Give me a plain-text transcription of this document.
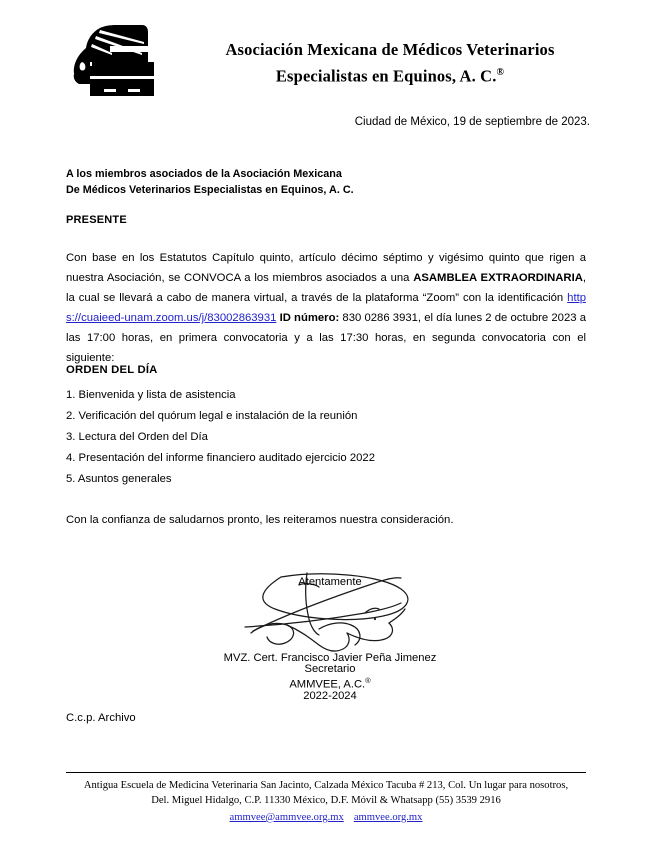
Asociación Mexicana de Médicos Veterinarios
Especialistas en Equinos, A. C.®
Ciudad de México, 19 de septiembre de 2023.
A los miembros asociados de la Asociación Mexicana
De Médicos Veterinarios Especialistas en Equinos, A. C.
PRESENTE
Con base en los Estatutos Capítulo quinto, artículo décimo séptimo y vigésimo quinto que rigen a nuestra Asociación, se CONVOCA a los miembros asociados a una ASAMBLEA EXTRAORDINARIA, la cual se llevará a cabo de manera virtual, a través de la plataforma “Zoom” con la identificación https://cuaieed-unam.zoom.us/j/83002863931 ID número: 830 0286 3931, el día lunes 2 de octubre 2023 a las 17:00 horas, en primera convocatoria y a las 17:30 horas, en segunda convocatoria con el siguiente:
ORDEN DEL DÍA
1. Bienvenida y lista de asistencia
2. Verificación del quórum legal e instalación de la reunión
3. Lectura del Orden del Día
4. Presentación del informe financiero auditado ejercicio 2022
5. Asuntos generales
Con la confianza de saludarnos pronto, les reiteramos nuestra consideración.
Atentamente
MVZ. Cert. Francisco Javier Peña Jimenez
Secretario
AMMVEE, A.C.®
2022-2024
C.c.p. Archivo
Antigua Escuela de Medicina Veterinaria San Jacinto, Calzada México Tacuba # 213, Col. Un lugar para nosotros,
Del. Miguel Hidalgo, C.P. 11330 México, D.F. Móvil & Whatsapp (55) 3539 2916
ammvee@ammvee.org.mx ammvee.org.mx
